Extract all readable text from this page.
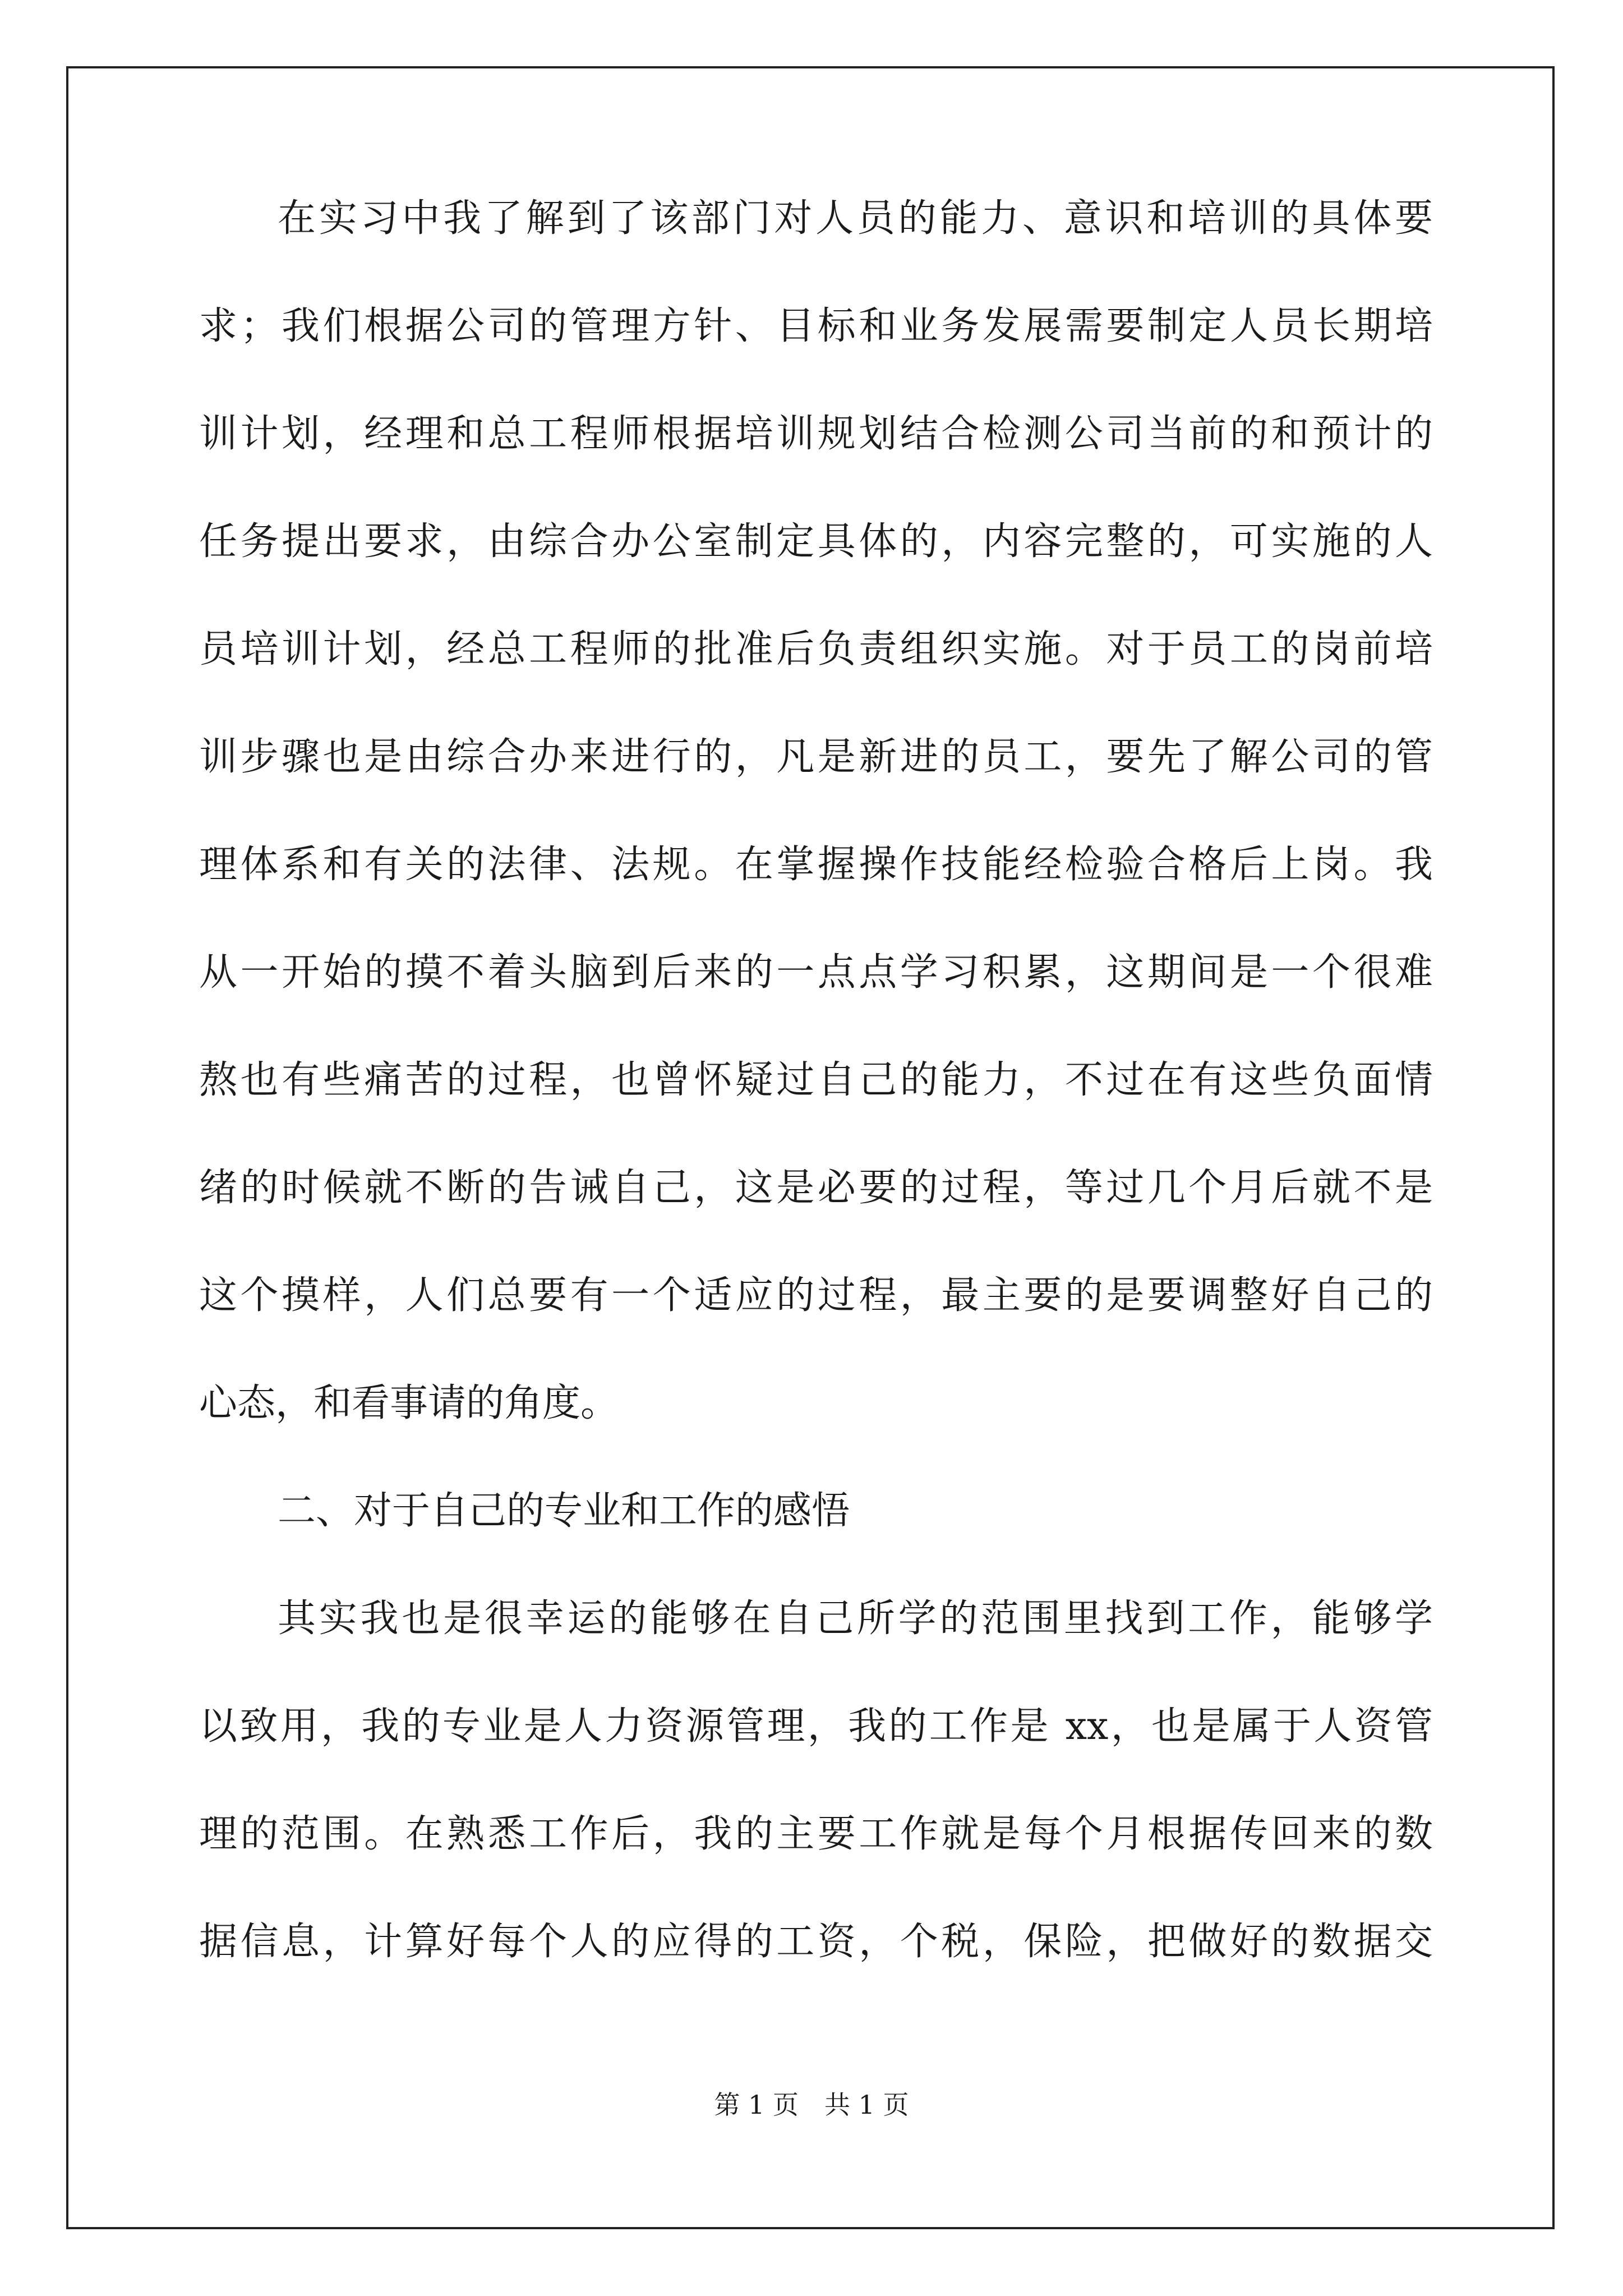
在实习中我了解到了该部门对人员的能力、意识和培训的具体要
求；我们根据公司的管理方针、目标和业务发展需要制定人员长期培
训计划，经理和总工程师根据培训规划结合检测公司当前的和预计的
任务提出要求，由综合办公室制定具体的，内容完整的，可实施的人
员培训计划，经总工程师的批准后负责组织实施。对于员工的岗前培
训步骤也是由综合办来进行的，凡是新进的员工，要先了解公司的管
理体系和有关的法律、法规。在掌握操作技能经检验合格后上岗。我
从一开始的摸不着头脑到后来的一点点学习积累，这期间是一个很难
熬也有些痛苦的过程，也曾怀疑过自己的能力，不过在有这些负面情
绪的时候就不断的告诫自己，这是必要的过程，等过几个月后就不是
这个摸样，人们总要有一个适应的过程，最主要的是要调整好自己的
心态，和看事请的角度。
二、对于自己的专业和工作的感悟
其实我也是很幸运的能够在自己所学的范围里找到工作，能够学
以致用，我的专业是人力资源管理，我的工作是 xx，也是属于人资管
理的范围。在熟悉工作后，我的主要工作就是每个月根据传回来的数
据信息，计算好每个人的应得的工资，个税，保险，把做好的数据交
第 1 页　共 1 页
